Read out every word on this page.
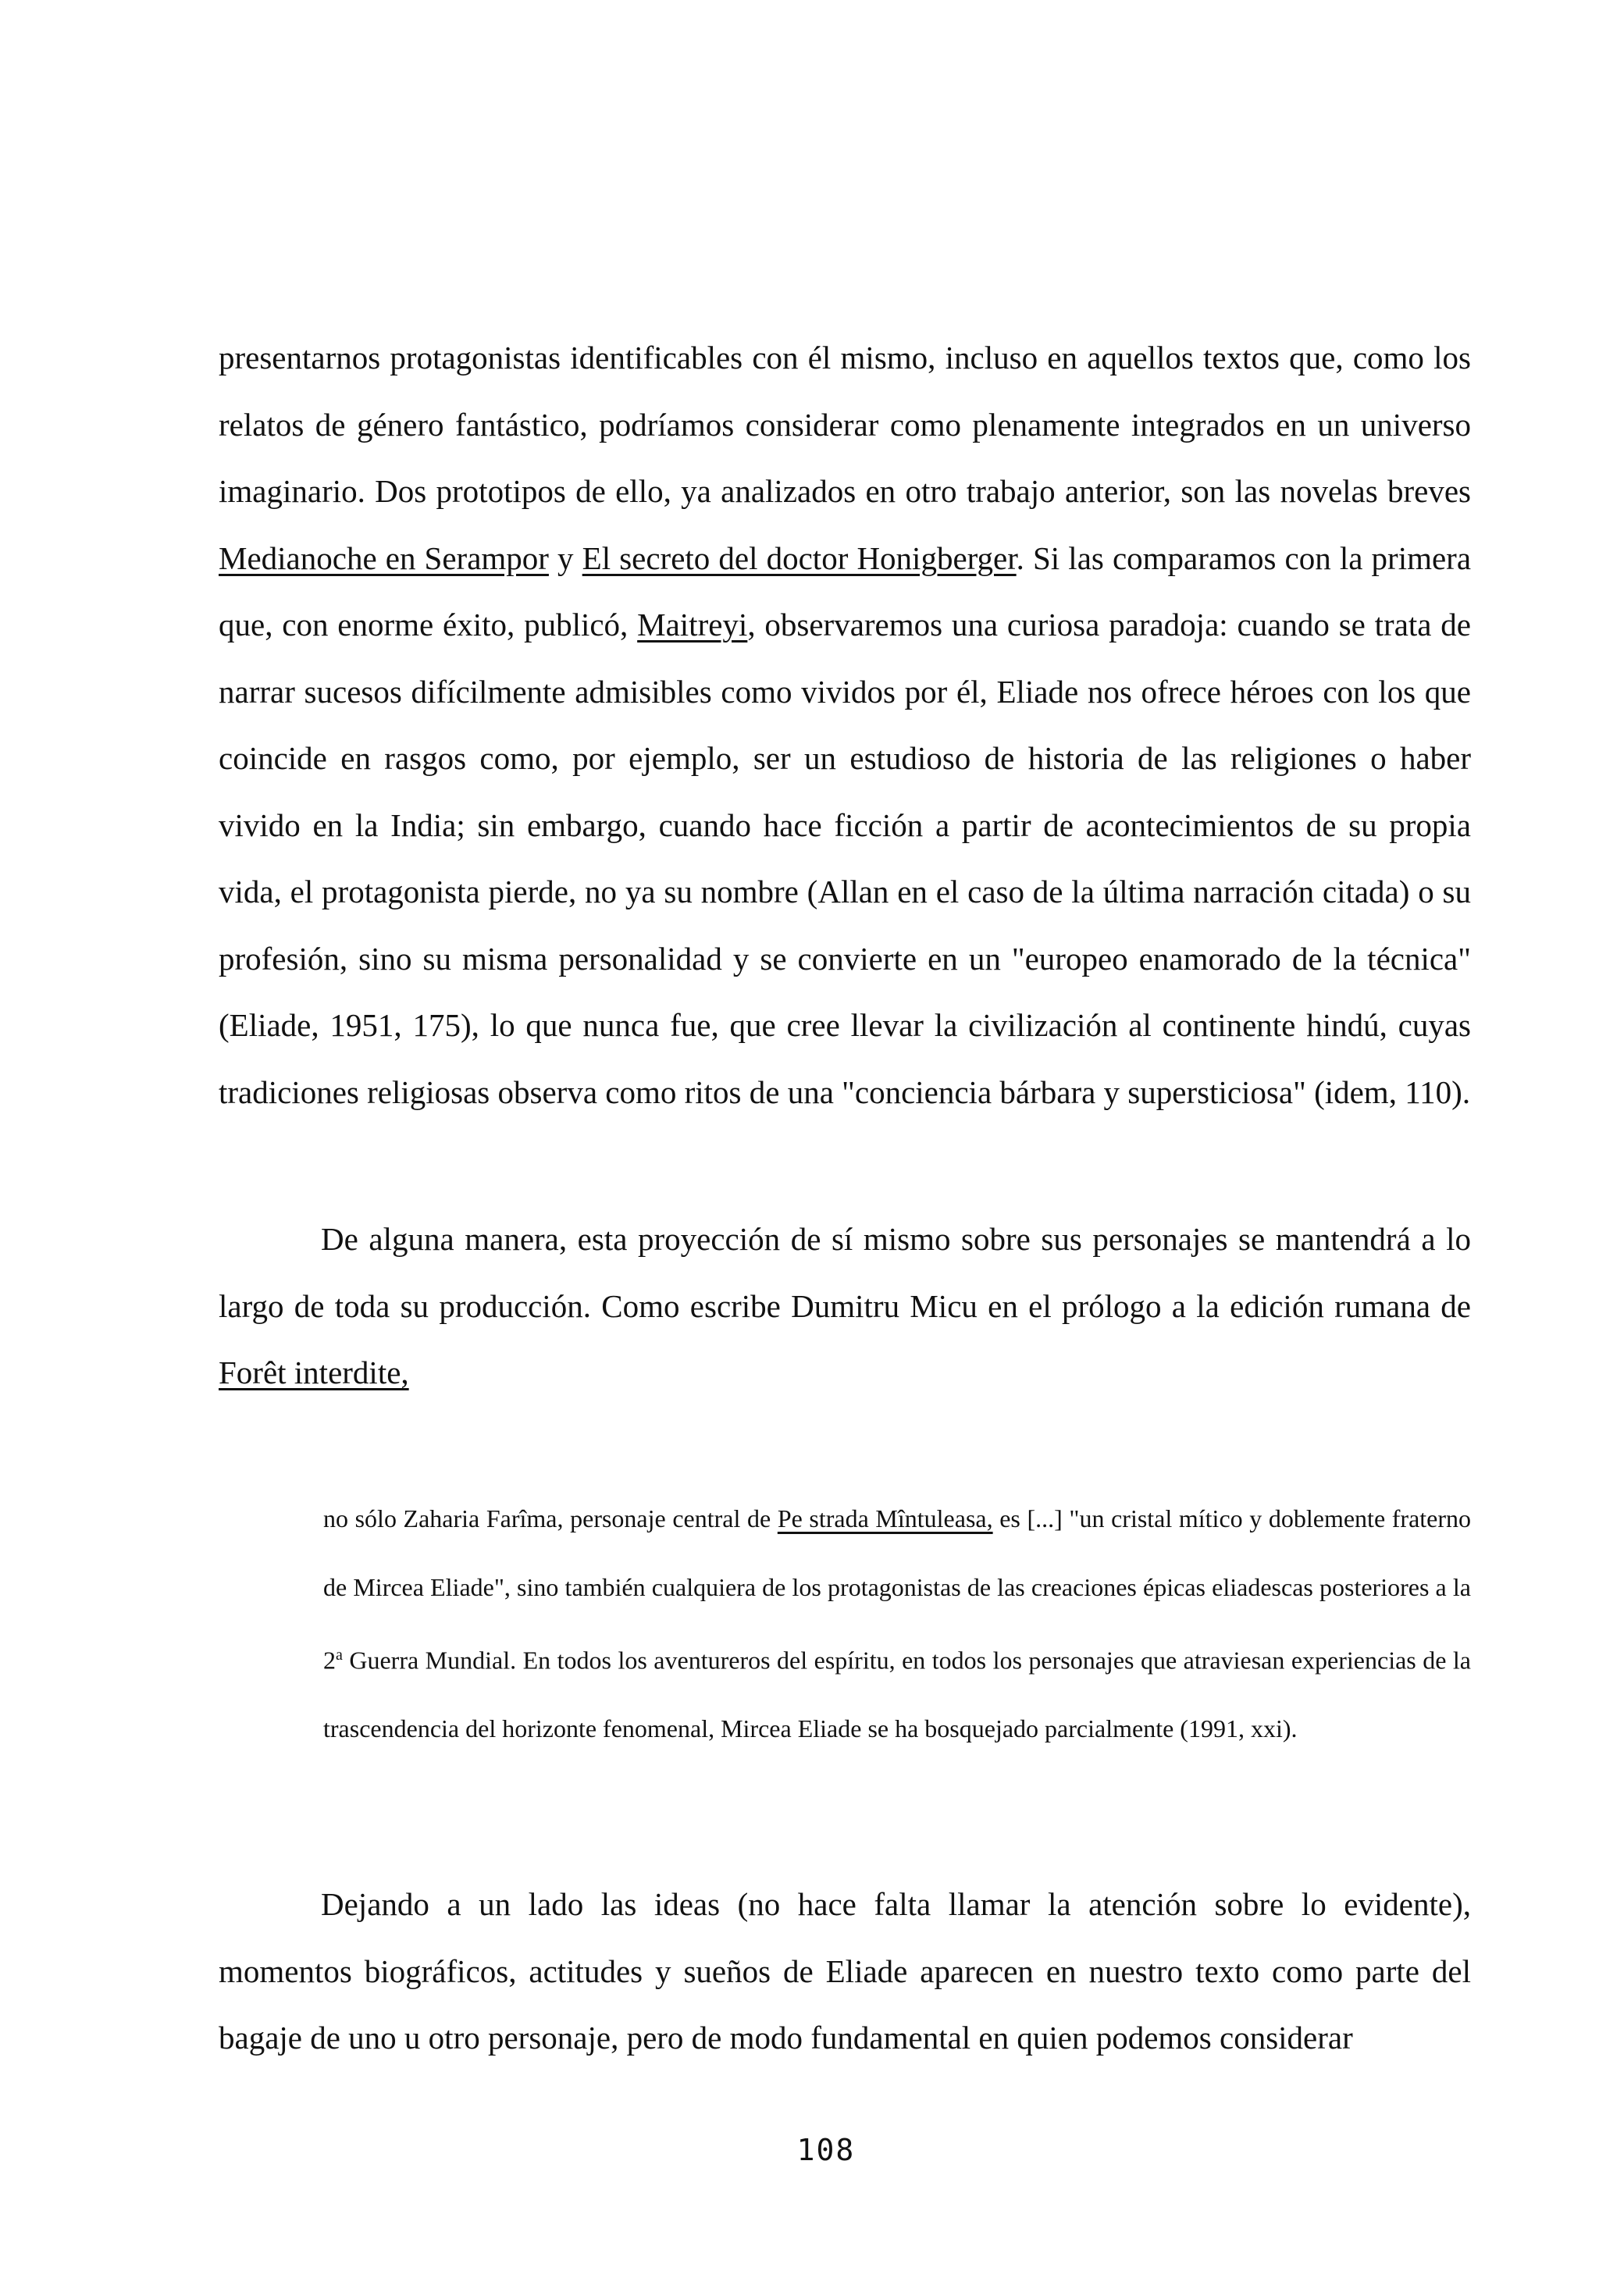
presentarnos protagonistas identificables con él mismo, incluso en aquellos textos que, como los relatos de género fantástico, podríamos considerar como plenamente integrados en un universo imaginario. Dos prototipos de ello, ya analizados en otro trabajo anterior, son las novelas breves Medianoche en Serampor y El secreto del doctor Honigberger. Si las comparamos con la primera que, con enorme éxito, publicó, Maitreyi, observaremos una curiosa paradoja: cuando se trata de narrar sucesos difícilmente admisibles como vividos por él, Eliade nos ofrece héroes con los que coincide en rasgos como, por ejemplo, ser un estudioso de historia de las religiones o haber vivido en la India; sin embargo, cuando hace ficción a partir de acontecimientos de su propia vida, el protagonista pierde, no ya su nombre (Allan en el caso de la última narración citada) o su profesión, sino su misma personalidad y se convierte en un "europeo enamorado de la técnica" (Eliade, 1951, 175), lo que nunca fue, que cree llevar la civilización al continente hindú, cuyas tradiciones religiosas observa como ritos de una "conciencia bárbara y supersticiosa" (idem, 110).

De alguna manera, esta proyección de sí mismo sobre sus personajes se mantendrá a lo largo de toda su producción. Como escribe Dumitru Micu en el prólogo a la edición rumana de Forêt interdite,

no sólo Zaharia Farîma, personaje central de Pe strada Mîntuleasa, es [...] "un cristal mítico y doblemente fraterno de Mircea Eliade", sino también cualquiera de los protagonistas de las creaciones épicas eliadescas posteriores a la 2$^a$ Guerra Mundial. En todos los aventureros del espíritu, en todos los personajes que atraviesan experiencias de la trascendencia del horizonte fenomenal, Mircea Eliade se ha bosquejado parcialmente (1991, xxi).

Dejando a un lado las ideas (no hace falta llamar la atención sobre lo evidente), momentos biográficos, actitudes y sueños de Eliade aparecen en nuestro texto como parte del bagaje de uno u otro personaje, pero de modo fundamental en quien podemos considerar

108
